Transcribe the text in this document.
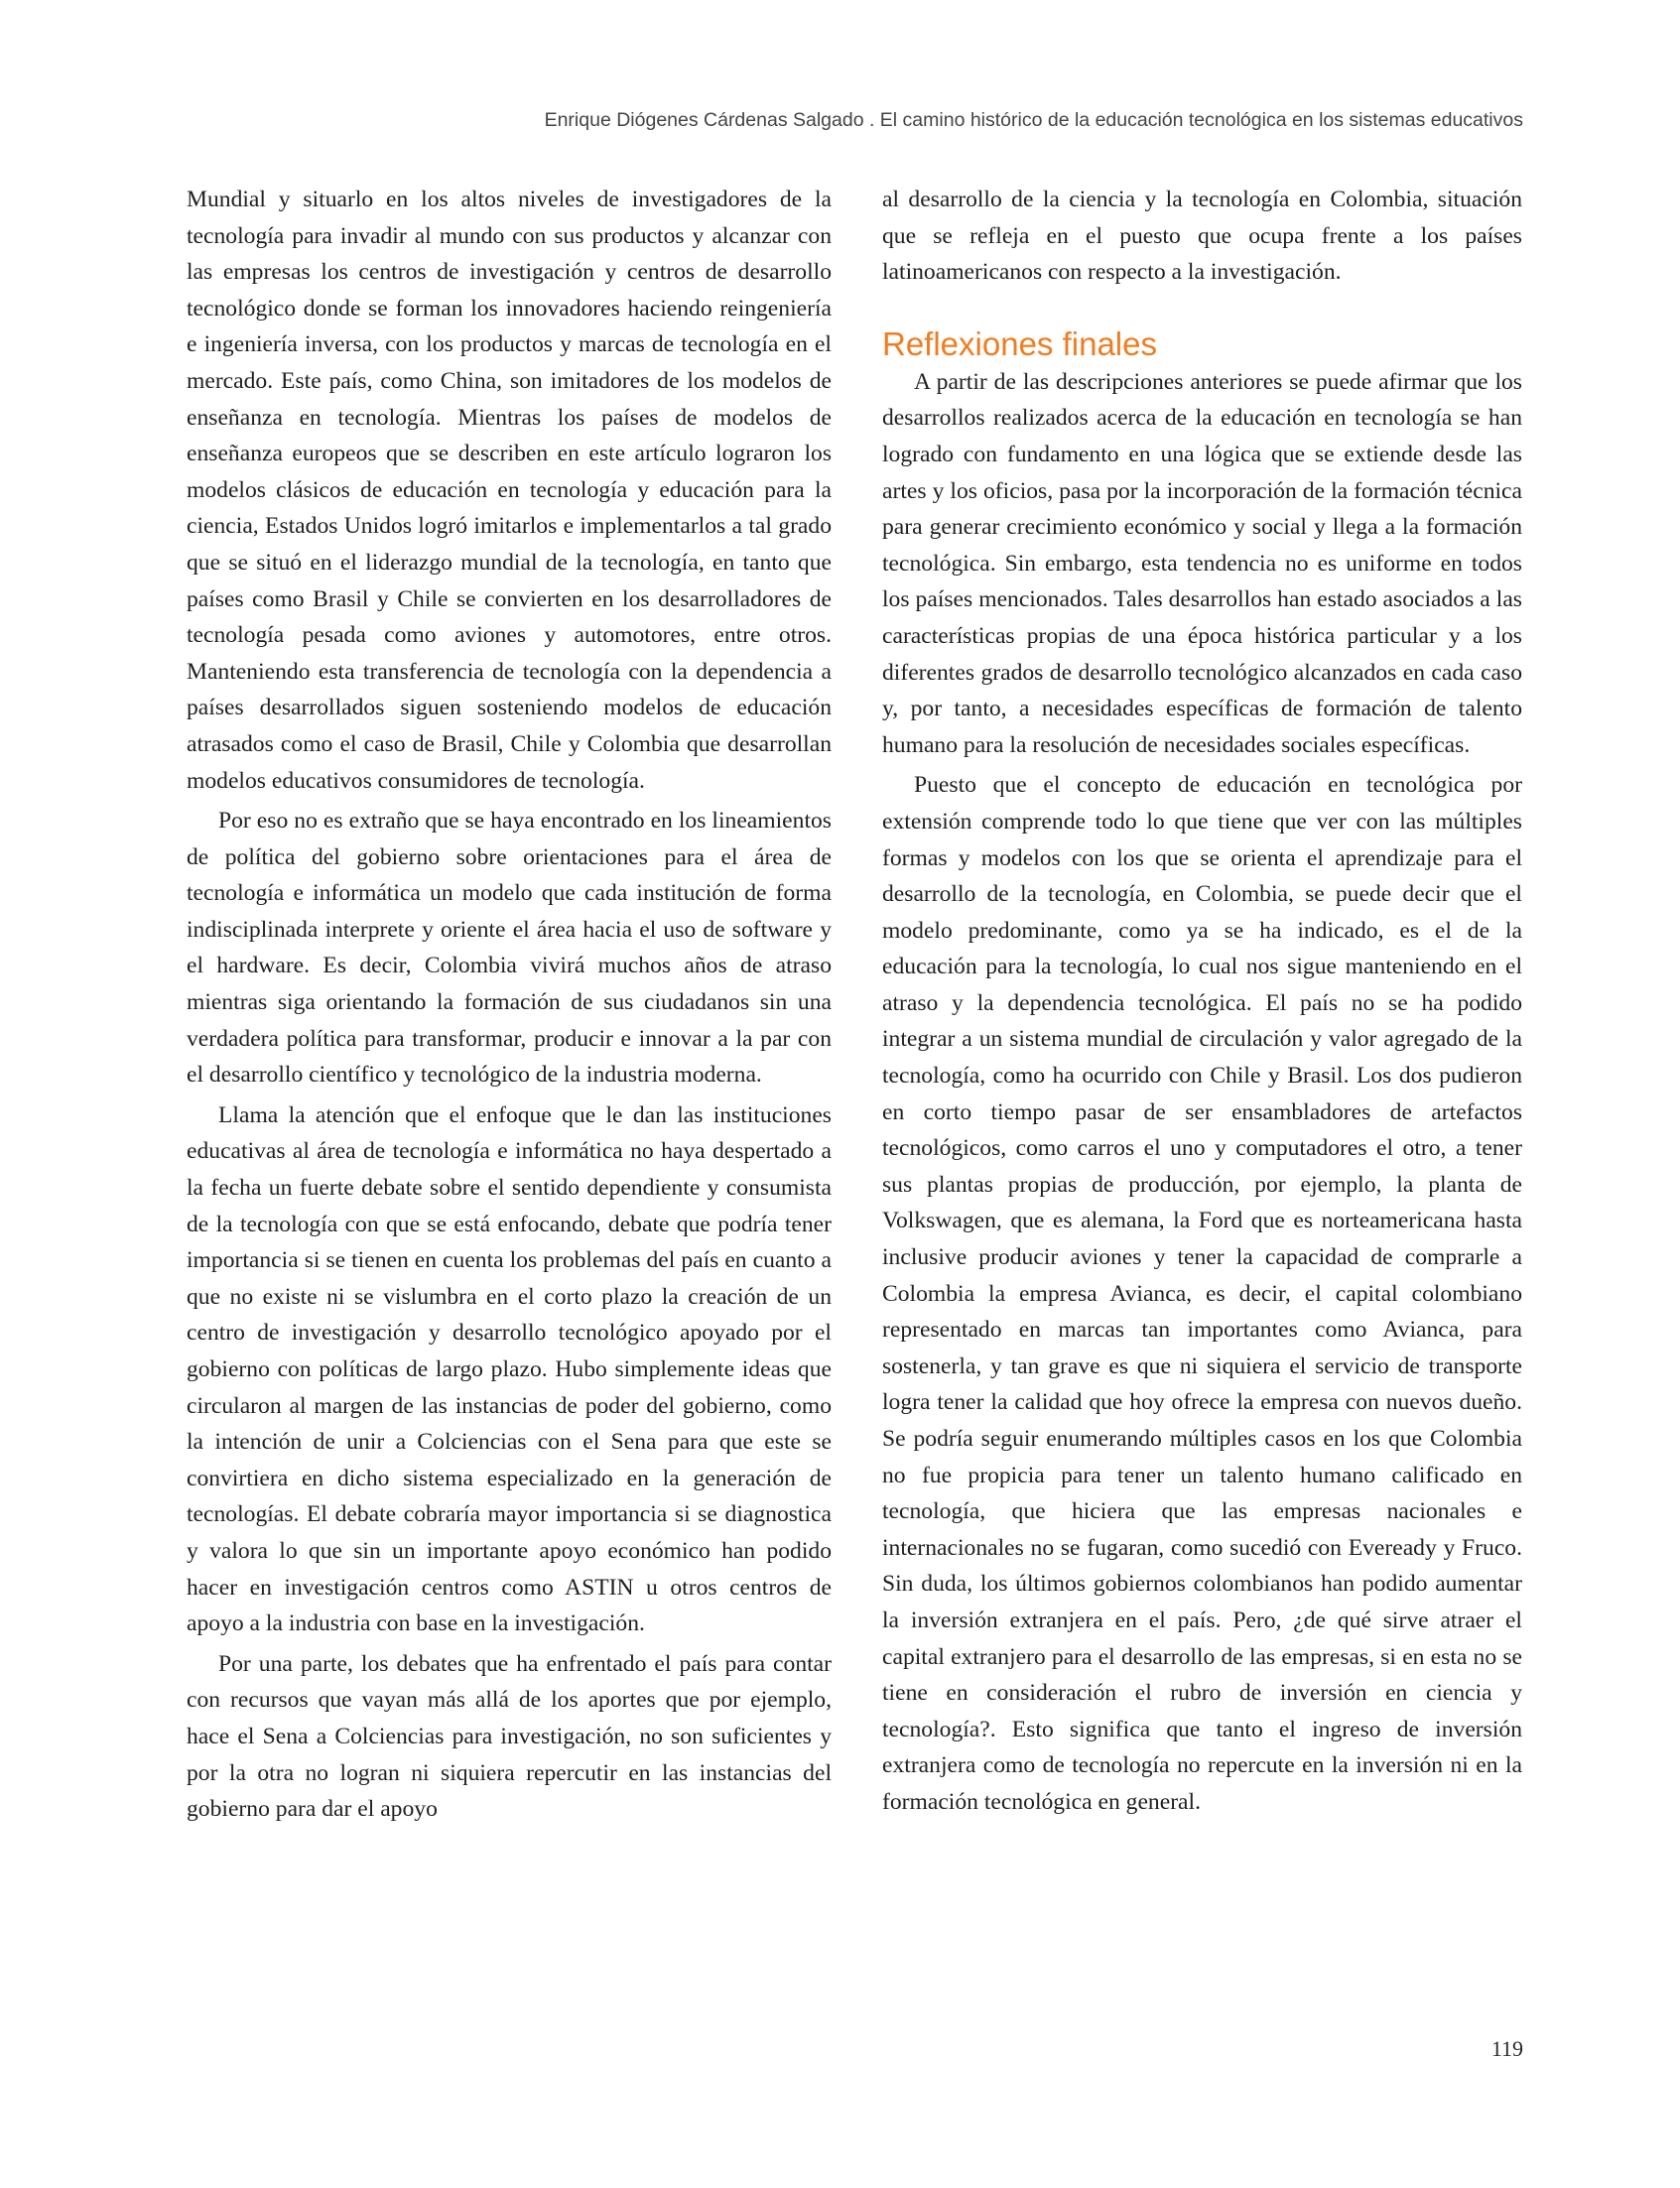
Enrique Diógenes Cárdenas Salgado . El camino histórico de la educación tecnológica en los sistemas educativos

Mundial y situarlo en los altos niveles de investigadores de la tecnología para invadir al mundo con sus productos y alcanzar con las empresas los centros de investigación y centros de desarrollo tecnológico donde se forman los innovadores haciendo reingeniería e ingeniería inversa, con los productos y marcas de tecnología en el mercado. Este país, como China, son imitadores de los modelos de enseñanza en tecnología. Mientras los países de modelos de enseñanza europeos que se describen en este artículo lograron los modelos clásicos de educación en tecnología y educación para la ciencia, Estados Unidos logró imitarlos e implementarlos a tal grado que se situó en el liderazgo mundial de la tecnología, en tanto que países como Brasil y Chile se convierten en los desarrolladores de tecnología pesada como aviones y automotores, entre otros. Manteniendo esta transferencia de tecnología con la dependencia a países desarrollados siguen sosteniendo modelos de educación atrasados como el caso de Brasil, Chile y Colombia que desarrollan modelos educativos consumidores de tecnología.

Por eso no es extraño que se haya encontrado en los lineamientos de política del gobierno sobre orientaciones para el área de tecnología e informática un modelo que cada institución de forma indisciplinada interprete y oriente el área hacia el uso de software y el hardware. Es decir, Colombia vivirá muchos años de atraso mientras siga orientando la formación de sus ciudadanos sin una verdadera política para transformar, producir e innovar a la par con el desarrollo científico y tecnológico de la industria moderna.

Llama la atención que el enfoque que le dan las instituciones educativas al área de tecnología e informática no haya despertado a la fecha un fuerte debate sobre el sentido dependiente y consumista de la tecnología con que se está enfocando, debate que podría tener importancia si se tienen en cuenta los problemas del país en cuanto a que no existe ni se vislumbra en el corto plazo la creación de un centro de investigación y desarrollo tecnológico apoyado por el gobierno con políticas de largo plazo. Hubo simplemente ideas que circularon al margen de las instancias de poder del gobierno, como la intención de unir a Colciencias con el Sena para que este se convirtiera en dicho sistema especializado en la generación de tecnologías. El debate cobraría mayor importancia si se diagnostica y valora lo que sin un importante apoyo económico han podido hacer en investigación centros como ASTIN u otros centros de apoyo a la industria con base en la investigación.

Por una parte, los debates que ha enfrentado el país para contar con recursos que vayan más allá de los aportes que por ejemplo, hace el Sena a Colciencias para investigación, no son suficientes y por la otra no logran ni siquiera repercutir en las instancias del gobierno para dar el apoyo

al desarrollo de la ciencia y la tecnología en Colombia, situación que se refleja en el puesto que ocupa frente a los países latinoamericanos con respecto a la investigación.

Reflexiones finales

A partir de las descripciones anteriores se puede afirmar que los desarrollos realizados acerca de la educación en tecnología se han logrado con fundamento en una lógica que se extiende desde las artes y los oficios, pasa por la incorporación de la formación técnica para generar crecimiento económico y social y llega a la formación tecnológica. Sin embargo, esta tendencia no es uniforme en todos los países mencionados. Tales desarrollos han estado asociados a las características propias de una época histórica particular y a los diferentes grados de desarrollo tecnológico alcanzados en cada caso y, por tanto, a necesidades específicas de formación de talento humano para la resolución de necesidades sociales específicas.

Puesto que el concepto de educación en tecnológica por extensión comprende todo lo que tiene que ver con las múltiples formas y modelos con los que se orienta el aprendizaje para el desarrollo de la tecnología, en Colombia, se puede decir que el modelo predominante, como ya se ha indicado, es el de la educación para la tecnología, lo cual nos sigue manteniendo en el atraso y la dependencia tecnológica. El país no se ha podido integrar a un sistema mundial de circulación y valor agregado de la tecnología, como ha ocurrido con Chile y Brasil. Los dos pudieron en corto tiempo pasar de ser ensambladores de artefactos tecnológicos, como carros el uno y computadores el otro, a tener sus plantas propias de producción, por ejemplo, la planta de Volkswagen, que es alemana, la Ford que es norteamericana hasta inclusive producir aviones y tener la capacidad de comprarle a Colombia la empresa Avianca, es decir, el capital colombiano representado en marcas tan importantes como Avianca, para sostenerla, y tan grave es que ni siquiera el servicio de transporte logra tener la calidad que hoy ofrece la empresa con nuevos dueño. Se podría seguir enumerando múltiples casos en los que Colombia no fue propicia para tener un talento humano calificado en tecnología, que hiciera que las empresas nacionales e internacionales no se fugaran, como sucedió con Eveready y Fruco. Sin duda, los últimos gobiernos colombianos han podido aumentar la inversión extranjera en el país. Pero, ¿de qué sirve atraer el capital extranjero para el desarrollo de las empresas, si en esta no se tiene en consideración el rubro de inversión en ciencia y tecnología?. Esto significa que tanto el ingreso de inversión extranjera como de tecnología no repercute en la inversión ni en la formación tecnológica en general.

119
